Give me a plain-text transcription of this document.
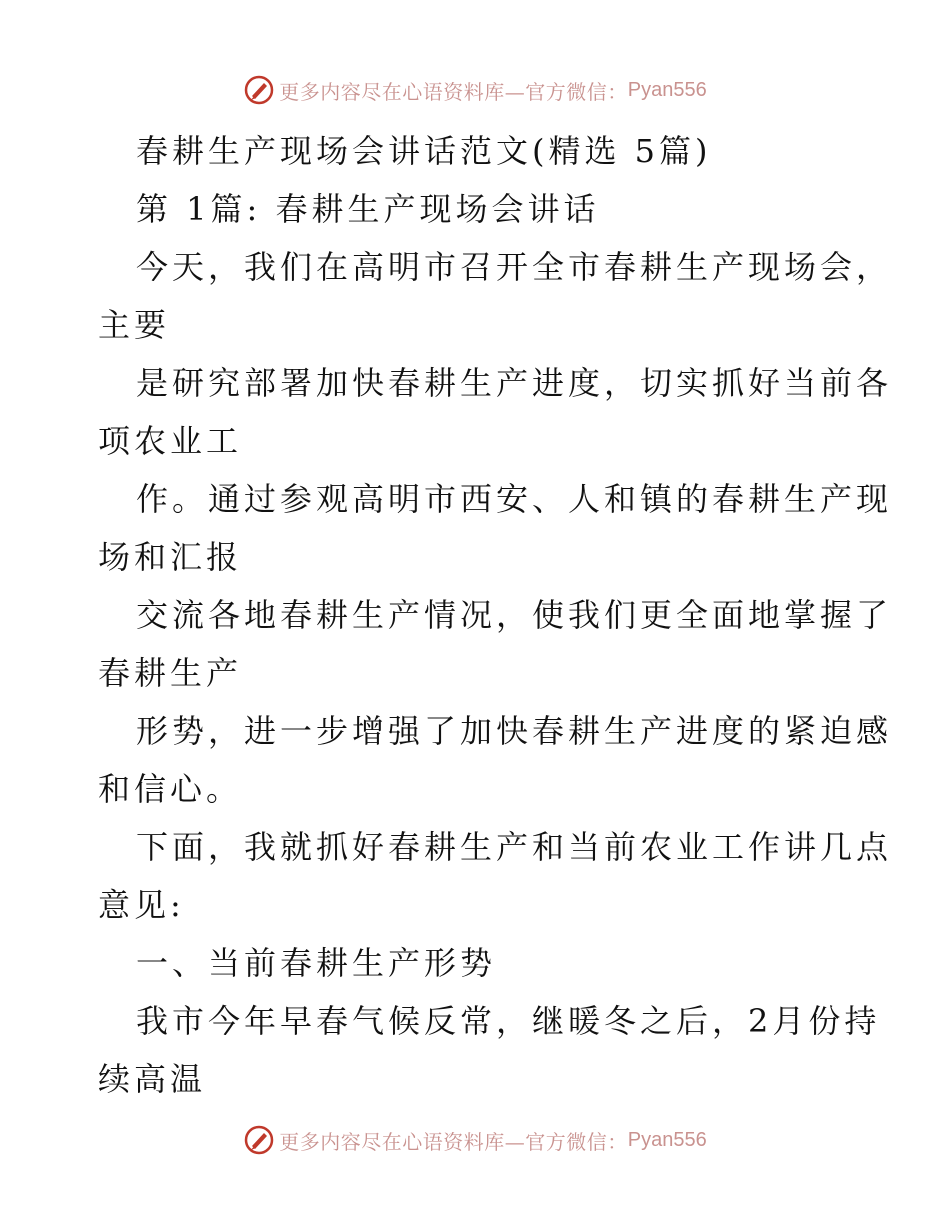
更多内容尽在心语资料库—官方微信： Pyan556
春耕生产现场会讲话范文(精选 5篇)
第 1篇: 春耕生产现场会讲话
今天，我们在高明市召开全市春耕生产现场会，
主要
是研究部署加快春耕生产进度，切实抓好当前各
项农业工
作。通过参观高明市西安、人和镇的春耕生产现
场和汇报
交流各地春耕生产情况，使我们更全面地掌握了
春耕生产
形势，进一步增强了加快春耕生产进度的紧迫感
和信心。
下面，我就抓好春耕生产和当前农业工作讲几点
意见:
一、当前春耕生产形势
我市今年早春气候反常，继暖冬之后，2月份持
续高温
更多内容尽在心语资料库—官方微信： Pyan556
